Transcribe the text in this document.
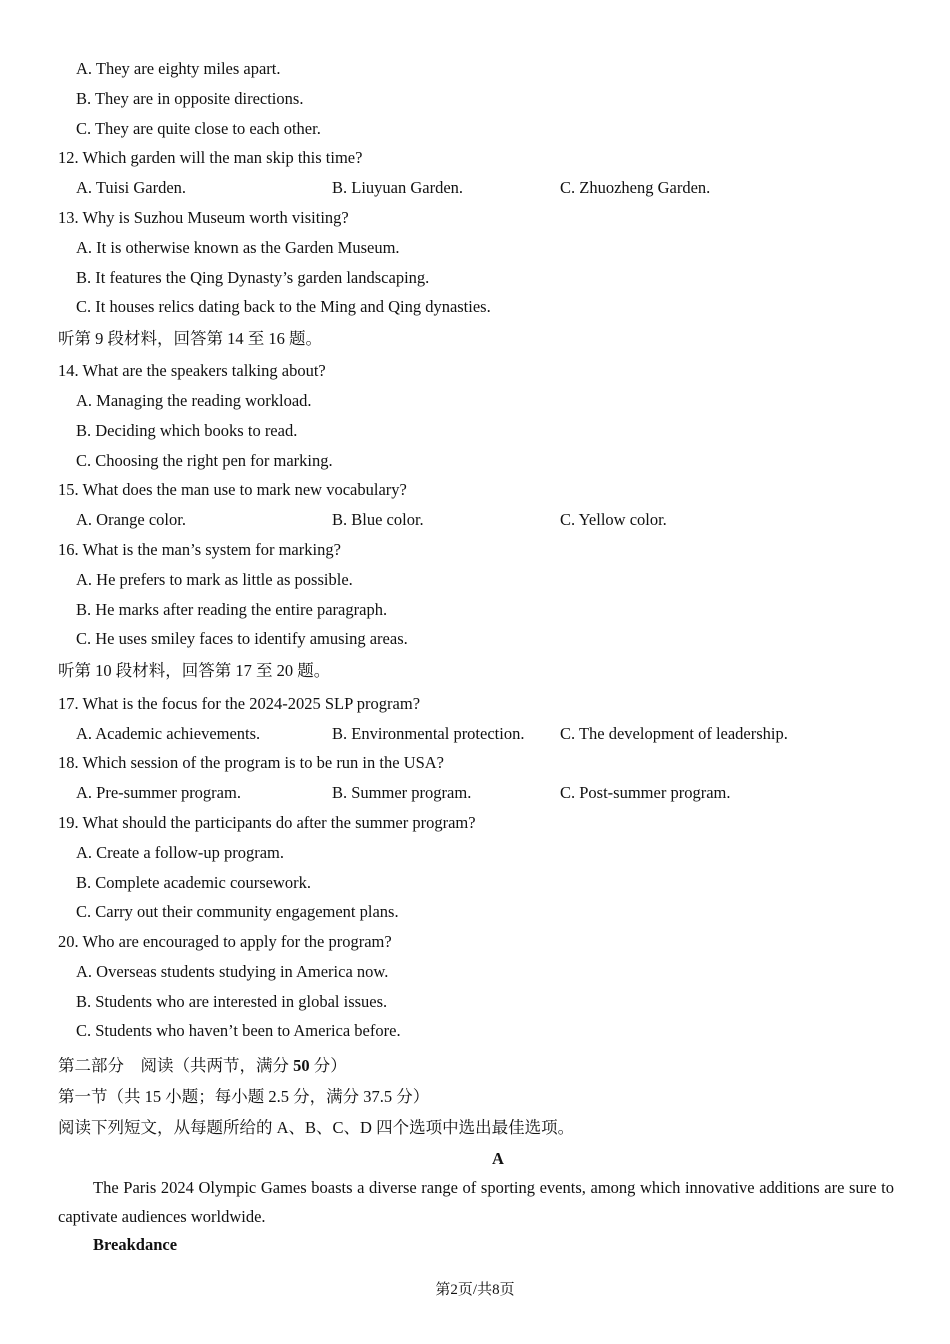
A. They are eighty miles apart.
B. They are in opposite directions.
C. They are quite close to each other.
12. Which garden will the man skip this time?
A. Tuisi Garden.	B. Liuyuan Garden.	C. Zhuozheng Garden.
13. Why is Suzhou Museum worth visiting?
A. It is otherwise known as the Garden Museum.
B. It features the Qing Dynasty’s garden landscaping.
C. It houses relics dating back to the Ming and Qing dynasties.
听第 9 段材料，回答第 14 至 16 题。
14. What are the speakers talking about?
A. Managing the reading workload.
B. Deciding which books to read.
C. Choosing the right pen for marking.
15. What does the man use to mark new vocabulary?
A. Orange color.	B. Blue color.	C. Yellow color.
16. What is the man’s system for marking?
A. He prefers to mark as little as possible.
B. He marks after reading the entire paragraph.
C. He uses smiley faces to identify amusing areas.
听第 10 段材料，回答第 17 至 20 题。
17. What is the focus for the 2024-2025 SLP program?
A. Academic achievements.	B. Environmental protection. C. The development of leadership.
18. Which session of the program is to be run in the USA?
A. Pre-summer program.	B. Summer program.	C. Post-summer program.
19. What should the participants do after the summer program?
A. Create a follow-up program.
B. Complete academic coursework.
C. Carry out their community engagement plans.
20. Who are encouraged to apply for the program?
A. Overseas students studying in America now.
B. Students who are interested in global issues.
C. Students who haven’t been to America before.
第二部分　阅读（共两节，满分 50 分）
第一节（共 15 小题；每小题 2.5 分，满分 37.5 分）
阅读下列短文，从每题所给的 A、B、C、D 四个选项中选出最佳选项。
A
The Paris 2024 Olympic Games boasts a diverse range of sporting events, among which innovative additions are sure to captivate audiences worldwide.
Breakdance
第2页/共8页
